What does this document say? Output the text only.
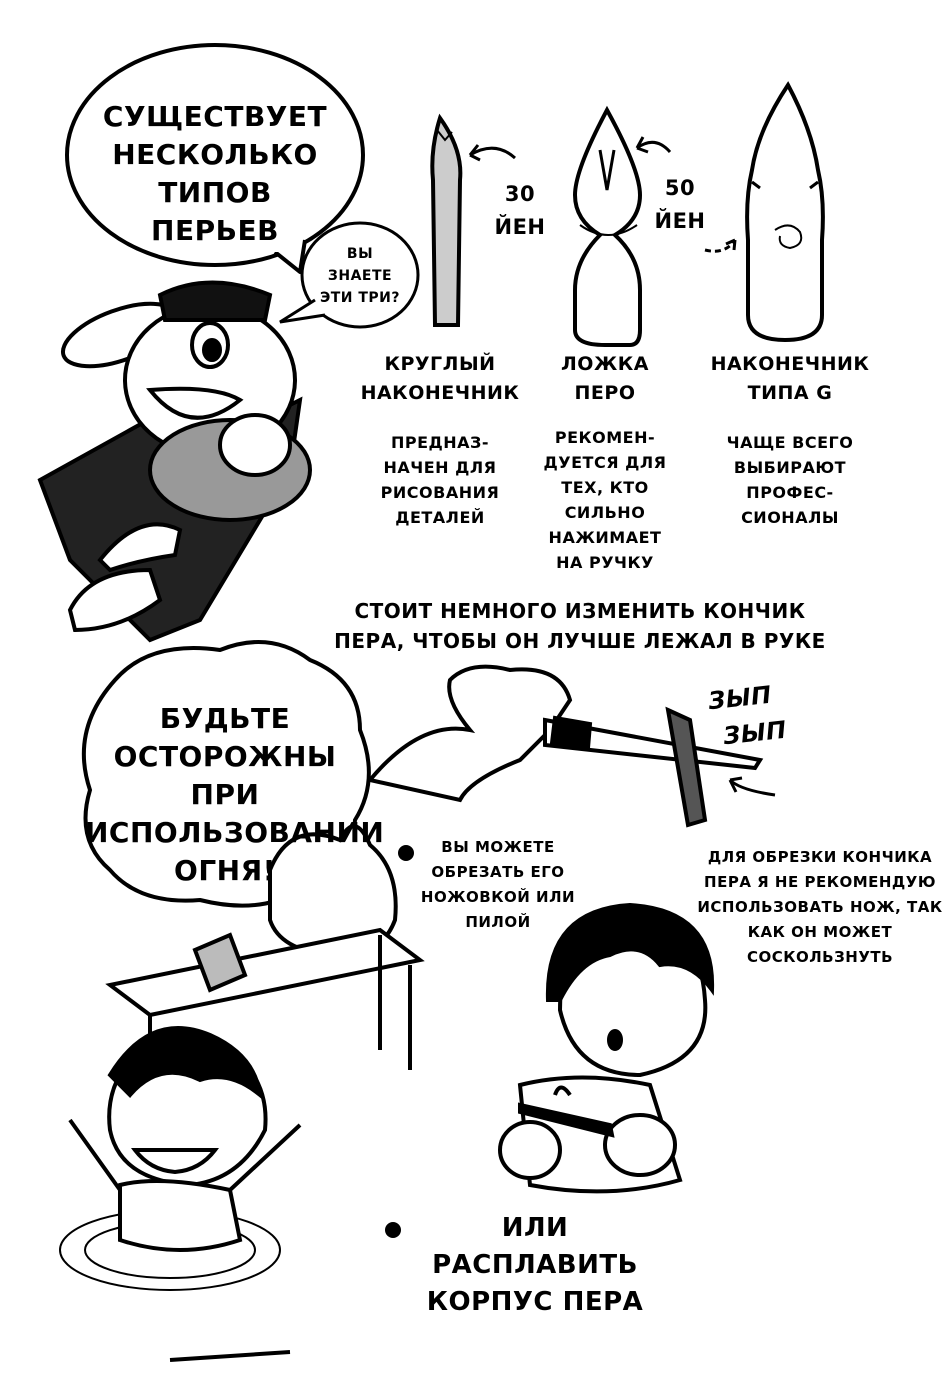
СУЩЕСТВУЕТ
НЕСКОЛЬКО
ТИПОВ ПЕРЬЕВ
ВЫ
ЗНАЕТЕ
ЭТИ ТРИ?
30
ЙЕН
50
ЙЕН
КРУГЛЫЙ
НАКОНЕЧНИК
ЛОЖКА
ПЕРО
НАКОНЕЧНИК
ТИПА G
ПРЕДНАЗ-
НАЧЕН ДЛЯ
РИСОВАНИЯ
ДЕТАЛЕЙ
РЕКОМЕН-
ДУЕТСЯ ДЛЯ
ТЕХ, КТО
СИЛЬНО
НАЖИМАЕТ
НА РУЧКУ
ЧАЩЕ ВСЕГО
ВЫБИРАЮТ
ПРОФЕС-
СИОНАЛЫ
СТОИТ НЕМНОГО ИЗМЕНИТЬ КОНЧИК
ПЕРА, ЧТОБЫ ОН ЛУЧШЕ ЛЕЖАЛ В РУКЕ
БУДЬТЕ
ОСТОРОЖНЫ ПРИ
ИСПОЛЬЗОВАНИИ
ОГНЯ!
ЗЫП
ЗЫП
ВЫ МОЖЕТЕ
ОБРЕЗАТЬ ЕГО
НОЖОВКОЙ ИЛИ
ПИЛОЙ
ДЛЯ ОБРЕЗКИ КОНЧИКА
ПЕРА Я НЕ РЕКОМЕНДУЮ
ИСПОЛЬЗОВАТЬ НОЖ, ТАК
КАК ОН МОЖЕТ
СОСКОЛЬЗНУТЬ
ИЛИ РАСПЛАВИТЬ
КОРПУС ПЕРА
